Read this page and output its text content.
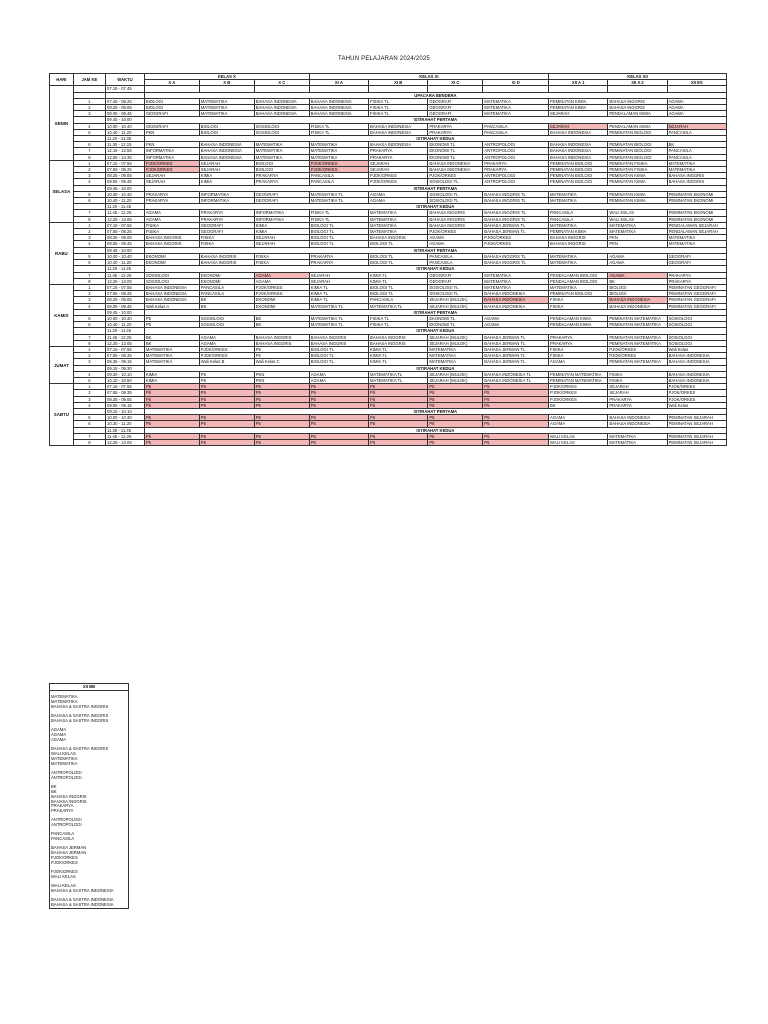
TAHUN PELAJARAN 2024/2025
HARI	JAM KE	WAKTU	KELAS X			KELAS XI				KELAS XII		
			X A	X B	X C	XI A	XI B	XI C	XI D	XII A 1	XII A 2	XII ES
SENIN		07.15 - 07.45										
			UPACARA BENDERA									
	1	07.45 - 08.25	BIOLOGI	MATEMATIKA	BAHASA INDONESIA	BAHASA INDONESIA	FISIKA TL	GEOGRAFI	MATEMATIKA	PEMINATAN KIMIA	BAHASA INGGRIS	AGAMA
	2	08.25 - 09.05	BIOLOGI	MATEMATIKA	BAHASA INDONESIA	BAHASA INDONESIA	FISIKA TL	GEOGRAFI	MATEMATIKA	PEMINATAN KIMIA	BAHASA INGGRIS	AGAMA
	3	09.05 - 09.45	GEOGRAFI	MATEMATIKA	BAHASA INDONESIA	BAHASA INDONESIA	FISIKA TL	GEOGRAFI	MATEMATIKA	SEJARAH	PENDALAMAN KIMIA	AGAMA
		09.45 - 10.00	ISTIRAHAT PERTAMA									
	4	10.00 - 10.40	GEOGRAFI	BIOLOGI	SOSIOLOGI	FISIKA TL	BAHASA INDONESIA	PRAKARYA	PANCASILA	SEJARAH	PENDALAMAN KIMIA	SEJARAH
	5	10.40 - 11.20	PKN	BIOLOGI	SOSIOLOGI	FISIKA TL	BAHASA INDONESIA	PRAKARYA	PANCASILA	BAHASA INDONESIA	PEMINATAN BIOLOGI	PANCASILA
		11.20 - 11.35	ISTIRAHAT KEDUA									
	6	11.35 - 12.15	PKN	BAHASA INDONESIA	MATEMATIKA	MATEMATIKA	BAHASA INDONESIA	EKONOMI TL	ANTROPOLOGI	BAHASA INDONESIA	PEMINATAN BIOLOGI	BK
	7	12.15 - 12.55	INFORMATIKA	BAHASA INDONESIA	MATEMATIKA	MATEMATIKA	PRAKARYA	EKONOMI TL	ANTROPOLOGI	BAHASA INDONESIA	PEMINATAN BIOLOGI	PANCASILA
	8	12.55 - 13.35	INFORMATIKA	BAHASA INDONESIA	MATEMATIKA	MATEMATIKA	PRAKARYA	EKONOMI TL	ANTROPOLOGI	BAHASA INDONESIA	PEMINATAN BIOLOGI	PANCASILA
SELASA	1	07.15 - 07.55	PJOK/ORKES	SEJARAH	BIOLOGI	PJOK/ORKES	SEJARAH	BAHASA INDONESIA	PRAKARYA	PEMINATAN BIOLOGI	PEMINATAN FISIKA	MATEMATIKA
	2	07.55 - 08.25	PJOK/ORKES	SEJARAH	BIOLOGI	PJOK/ORKES	SEJARAH	BAHASA INDONESIA	PRAKARYA	PEMINATAN BIOLOGI	PEMINATAN FISIKA	MATEMATIKA
	3	08.25 - 09.05	SEJARAH	KIMIA	PRAKARYA	PANCASILA	PJOK/ORKES	PJOK/ORKES	ANTROPOLOGI	PEMINATAN BIOLOGI	PEMINATAN KIMIA	BAHASA INGGRIS
	4	09.05 - 09.45	SEJARAH	KIMIA	PRAKARYA	PANCASILA	PJOK/ORKES	SOSIOLOGI TL	ANTROPOLOGI	PEMINATAN BIOLOGI	PEMINATAN KIMIA	BAHASA INGGRIS
		09.45 - 10.00	ISTIRAHAT PERTAMA									
	5	10.00 - 10.40	PRAKARYA	INFORMATIKA	GEOGRAFI	MATEMATIKA TL	AGAMA	SOSIOLOGI TL	BAHASA INGGRIS TL	MATEMATIKA	PEMINATAN KIMIA	PEMINATAN EKONOMI
	6	10.40 - 11.20	PRAKARYA	INFORMATIKA	GEOGRAFI	MATEMATIKA TL	AGAMA	SOSIOLOGI TL	BAHASA INGGRIS TL	MATEMATIKA	PEMINATAN KIMIA	PEMINATAN EKONOMI
		11.20 - 11.45	ISTIRAHAT KEDUA									
	7	11.45 - 12.25	AGAMA	PRAKARYA	INFORMATIKA	FISIKA TL	MATEMATIKA	BAHASA INGGRIS	BAHASA INGGRIS TL	PANCASILA	WALI KELAS	PEMINATAN EKONOMI
	8	12.25 - 13.05	AGAMA	PRAKARYA	INFORMATIKA	FISIKA TL	MATEMATIKA	BAHASA INGGRIS	BAHASA INGGRIS TL	PANCASILA	WALI KELAS	PEMINATAN EKONOMI
RABU	1	07.15 - 07.55	FISIKA	GEOGRAFI	KIMIA	BIOLOGI TL	MATEMATIKA	BAHASA INGGRIS	BAHASA JERMAN TL	MATEMATIKA	MATEMATIKA	PENDALAMAN SEJARAH
	2	07.55 - 08.25	FISIKA	GEOGRAFI	KIMIA	BIOLOGI TL	MATEMATIKA	PJOK/ORKES	BAHASA JERMAN TL	PEMINATAN KIMIA	MATEMATIKA	PENDALAMAN SEJARAH
	3	08.25 - 09.05	BAHASA INGGRIS	FISIKA	SEJARAH	BIOLOGI TL	BAHASA INGGRIS	AGAMA	PJOK/ORKES	BAHASA INGGRIS	PKN	MATEMATIKA
	4	09.05 - 09.45	BAHASA INGGRIS	FISIKA	SEJARAH	BIOLOGI TL	BIOLOGI TL	AGAMA	PJOK/ORKES	BAHASA INGGRIS	PKN	MATEMATIKA
		09.45 - 10.00	ISTIRAHAT PERTAMA									
	5	10.00 - 10.40	EKONOMI	BAHASA INGGRIS	FISIKA	PRAKARYA	BIOLOGI TL	PANCASILA	BAHASA INGGRIS TL	MATEMATIKA	AGAMA	GEOGRAFI
	6	10.40 - 11.20	EKONOMI	BAHASA INGGRIS	FISIKA	PRAKARYA	BIOLOGI TL	PANCASILA	BAHASA INGGRIS TL	MATEMATIKA	AGAMA	GEOGRAFI
		11.20 - 11.45	ISTIRAHAT KEDUA									
	7	11.45 - 12.25	SOSIOLOGI	EKONOMI	AGAMA	SEJARAH	KIMIA TL	GEOGRAFI	MATEMATIKA	PENDALAMAN BIOLOGI	AGAMA	PRAKARYA
	8	12.25 - 13.05	SOSIOLOGI	EKONOMI	AGAMA	SEJARAH	KIMIA TL	GEOGRAFI	MATEMATIKA	PENDALAMAN BIOLOGI	BK	PRAKARYA
KAMIS	1	07.15 - 07.55	BAHASA INDONESIA	PANCASILA	PJOK/ORKES	KIMIA TL	BIOLOGI TL	SOSIOLOGI TL	MATEMATIKA	MATEMATIKA	BIOLOGI	PEMINATAN GEOGRAFI
	2	07.55 - 08.25	BAHASA INDONESIA	PANCASILA	PJOK/ORKES	KIMIA TL	BIOLOGI TL	SOSIOLOGI TL	BAHASA INDONESIA	PEMINATAN BIOLOGI	BIOLOGI	PEMINATAN GEOGRAFI
	3	08.25 - 09.05	BAHASA INDONESIA	BK	EKONOMI	KIMIA TL	PANCASILA	SEJARAH (MULOK)	BAHASA INDONESIA	FISIKA	BAHASA INDONESIA	PEMINATAN GEOGRAFI
	4	09.05 - 09.45	Wali Kelas A	BK	EKONOMI	MATEMATIKA TL	MATEMATIKA TL	SEJARAH (MULOK)	BAHASA INDONESIA	FISIKA	BAHASA INDONESIA	PEMINATAN GEOGRAFI
		09.45 - 10.00	ISTIRAHAT PERTAMA									
	5	10.00 - 10.40	P5	SOSIOLOGI	BK	MATEMATIKA TL	FISIKA TL	EKONOMI TL	AGAMA	PENDALAMAN KIMIA	PEMINATAN MATEMATIKA	SOSIOLOGI
	6	10.40 - 11.20	P5	SOSIOLOGI	BK	MATEMATIKA TL	FISIKA TL	EKONOMI TL	AGAMA	PENDALAMAN KIMIA	PEMINATAN MATEMATIKA	SOSIOLOGI
		11.20 - 11.45	ISTIRAHAT KEDUA									
	7	11.45 - 12.25	BK	AGAMA	BAHASA INGGRIS	BAHASA INGGRIS	BAHASA INGGRIS	SEJARAH (MULOK)	BAHASA JERMAN TL	PRAKARYA	PEMINATAN MATEMATIKA	SOSIOLOGI
	8	12.25 - 13.05	BK	AGAMA	BAHASA INGGRIS	BAHASA INGGRIS	BAHASA INGGRIS	SEJARAH (MULOK)	BAHASA JERMAN TL	PRAKARYA	PEMINATAN MATEMATIKA	SOSIOLOGI
JUMAT	1	07.15 - 07.55	MATEMATIKA	PJOK/ORKES	P5	BIOLOGI TL	KIMIA TL	MATEMATIKA	BAHASA JERMAN TL	FISIKA	PJOK/ORKES	Wali Kelas
	2	07.55 - 08.35	MATEMATIKA	PJOK/ORKES	P5	BIOLOGI TL	KIMIA TL	MATEMATIKA	BAHASA JERMAN TL	FISIKA	PJOK/ORKES	BAHASA INDONESIA
	3	08.35 - 09.15	MATEMATIKA	Wali Kelas B	Wali Kelas C	BIOLOGI TL	KIMIA TL	MATEMATIKA	BAHASA JERMAN TL	AGAMA	PEMINATAN MATEMATIKA	BAHASA INDONESIA
		09.15 - 09.30	ISTIRAHAT KEDUA									
	4	09.30 - 10.10	KIMIA	P5	PKN	AGAMA	MATEMATIKA TL	SEJARAH (MULOK)	BAHASA INDONESIA TL	PEMINATAN MATEMATIKA	FISIKA	BAHASA INDONESIA
	5	10.10 - 10.50	KIMIA	P5	PKN	AGAMA	MATEMATIKA TL	SEJARAH (MULOK)	BAHASA INDONESIA TL	PEMINATAN MATEMATIKA	FISIKA	BAHASA INDONESIA
SABTU	1	07.15 - 07.55	P5	P5	P5	P5	P5	P5	P5	PJOK/ORKES	SEJARAH	PJOK/ORKES
	2	07.55 - 08.35	P5	P5	P5	P5	P5	P5	P5	PJOK/ORKES	SEJARAH	PJOK/ORKES
	3	08.35 - 09.05	P5	P5	P5	P5	P5	P5	P5	PJOK/ORKES	PRAKARYA	PJOK/ORKES
	4	09.05 - 09.15	P5	P5	P5	P5	P5	P5	P5	BK	PRAKARYA	Wali Kelas
		09.15 - 10.10	ISTIRAHAT PERTAMA									
	5	10.00 - 10.30	P5	P5	P5	P5	P5	P5	P5	AGAMA	BAHASA INDONESIA	PEMINATAN SEJARAH
	6	10.30 - 11.20	P5	P5	P5	P5	P5	P5	P5	AGAMA	BAHASA INDONESIA	PEMINATAN SEJARAH
		11.30 - 11.45	ISTIRAHAT KEDUA									
	7	11.45 - 12.25	P5	P5	P5	P5	P5	P5	P5	WALI KELAS	MATEMATIKA	PEMINATAN SEJARAH
	8	12.25 - 13.05	P5	P5	P5	P5	P5	P5	P5	WALI KELAS	MATEMATIKA	PEMINATAN SEJARAH
XII BB

MATEMATIKA
MATEMATIKA
BAHASA & SASTRA INGGRIS

BAHASA & SASTRA INGGRIS
BAHASA & SASTRA INGGRIS

AGAMA
AGAMA
AGAMA

BAHASA & SASTRA INGGRIS
WALI KELAS
MATEMATIKA
MATEMATIKA

ANTROPOLOGI
ANTROPOLOGI

BK
BK
BAHASA INGGRIS
BAHASA INGGRIS
PRAKARYA
PRAKARYA

ANTROPOLOGI
ANTROPOLOGI

PANCASILA
PANCASILA

BAHASA JERMAN
BAHASA JERMAN
PJOK/ORKES
PJOK/ORKES

PJOK/ORKES
WALI KELAS

WALI KELAS
BAHASA & SASTRA INDONESIA

BAHASA & SASTRA INDONESIA
BAHASA & SASTRA INDONESIA
